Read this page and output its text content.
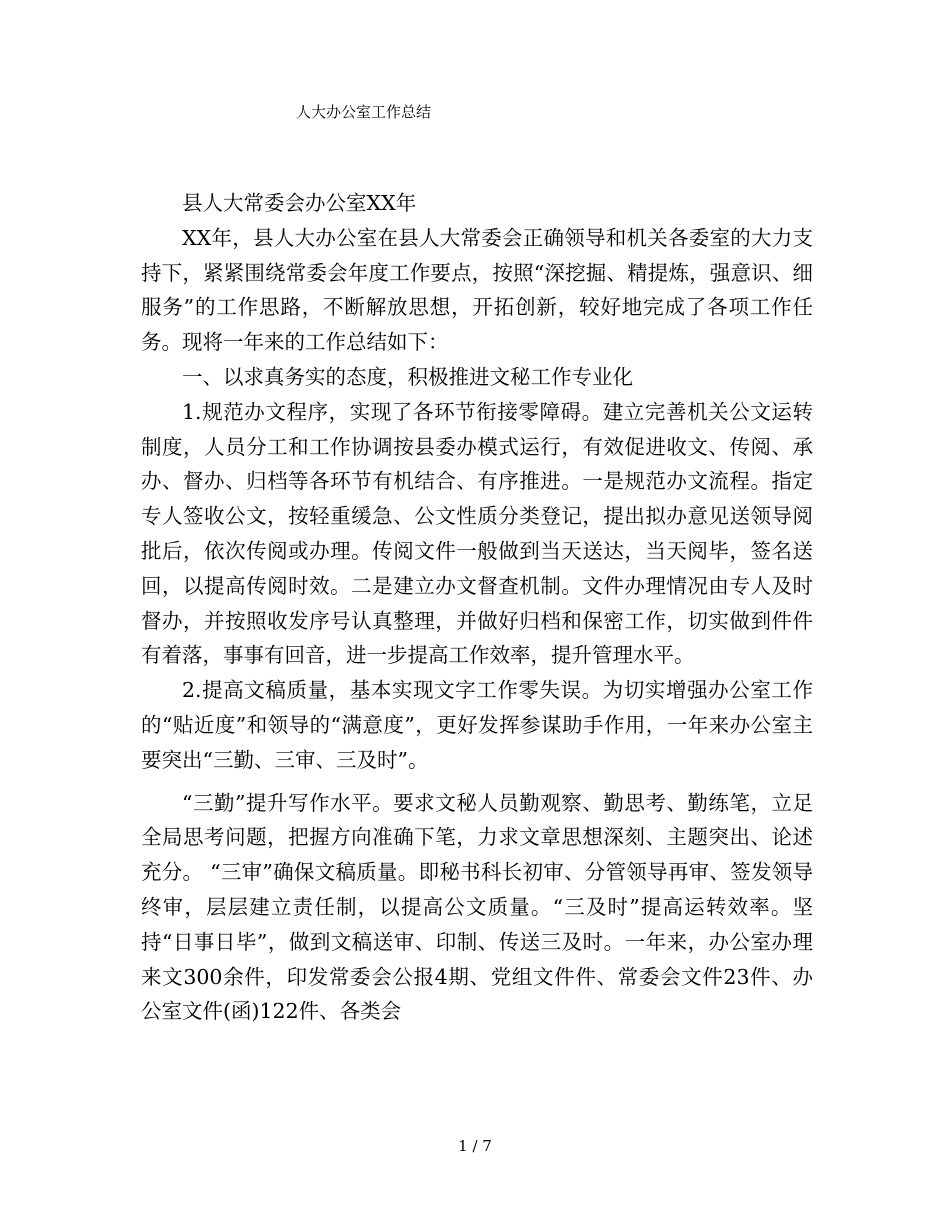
人大办公室工作总结

县人大常委会办公室XX年

XX年，县人大办公室在县人大常委会正确领导和机关各委室的大力支持下，紧紧围绕常委会年度工作要点，按照“深挖掘、精提炼，强意识、细服务”的工作思路，不断解放思想，开拓创新，较好地完成了各项工作任务。现将一年来的工作总结如下：

一、以求真务实的态度，积极推进文秘工作专业化

1.规范办文程序，实现了各环节衔接零障碍。建立完善机关公文运转制度，人员分工和工作协调按县委办模式运行，有效促进收文、传阅、承办、督办、归档等各环节有机结合、有序推进。一是规范办文流程。指定专人签收公文，按轻重缓急、公文性质分类登记，提出拟办意见送领导阅批后，依次传阅或办理。传阅文件一般做到当天送达，当天阅毕，签名送回，以提高传阅时效。二是建立办文督查机制。文件办理情况由专人及时督办，并按照收发序号认真整理，并做好归档和保密工作，切实做到件件有着落，事事有回音，进一步提高工作效率，提升管理水平。

2.提高文稿质量，基本实现文字工作零失误。为切实增强办公室工作的“贴近度”和领导的“满意度”，更好发挥参谋助手作用，一年来办公室主要突出“三勤、三审、三及时”。

“三勤”提升写作水平。要求文秘人员勤观察、勤思考、勤练笔，立足全局思考问题，把握方向准确下笔，力求文章思想深刻、主题突出、论述充分。 “三审”确保文稿质量。即秘书科长初审、分管领导再审、签发领导终审，层层建立责任制，以提高公文质量。“三及时”提高运转效率。坚持“日事日毕”，做到文稿送审、印制、传送三及时。一年来，办公室办理来文300余件，印发常委会公报4期、党组文件件、常委会文件23件、办公室文件(函)122件、各类会

1 / 7
